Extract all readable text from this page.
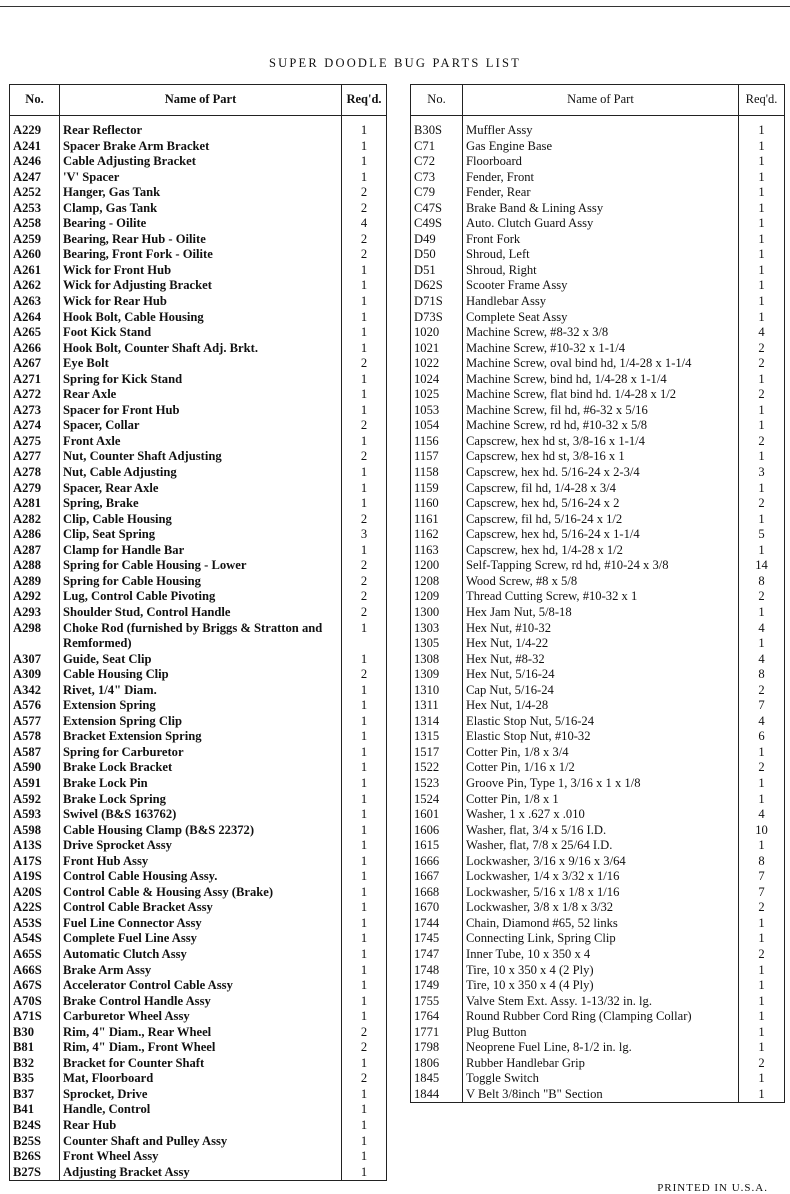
SUPER DOODLE BUG PARTS LIST
No.	Name of Part	Req'd.

A229	Rear Reflector	1
A241	Spacer Brake Arm Bracket	1
A246	Cable Adjusting Bracket	1
A247	'V' Spacer	1
A252	Hanger, Gas Tank	2
A253	Clamp, Gas Tank	2
A258	Bearing - Oilite	4
A259	Bearing, Rear Hub - Oilite	2
A260	Bearing, Front Fork - Oilite	2
A261	Wick for Front Hub	1
A262	Wick for Adjusting Bracket	1
A263	Wick for Rear Hub	1
A264	Hook Bolt, Cable Housing	1
A265	Foot Kick Stand	1
A266	Hook Bolt, Counter Shaft Adj. Brkt.	1
A267	Eye Bolt	2
A271	Spring for Kick Stand	1
A272	Rear Axle	1
A273	Spacer for Front Hub	1
A274	Spacer, Collar	2
A275	Front Axle	1
A277	Nut, Counter Shaft Adjusting	2
A278	Nut, Cable Adjusting	1
A279	Spacer, Rear Axle	1
A281	Spring, Brake	1
A282	Clip, Cable Housing	2
A286	Clip, Seat Spring	3
A287	Clamp for Handle Bar	1
A288	Spring for Cable Housing - Lower	2
A289	Spring for Cable Housing	2
A292	Lug, Control Cable Pivoting	2
A293	Shoulder Stud, Control Handle	2
A298	Choke Rod (furnished by Briggs & Stratton and Remformed)	1
A307	Guide, Seat Clip	1
A309	Cable Housing Clip	2
A342	Rivet, 1/4" Diam.	1
A576	Extension Spring	1
A577	Extension Spring Clip	1
A578	Bracket Extension Spring	1
A587	Spring for Carburetor	1
A590	Brake Lock Bracket	1
A591	Brake Lock Pin	1
A592	Brake Lock Spring	1
A593	Swivel (B&S 163762)	1
A598	Cable Housing Clamp (B&S 22372)	1
A13S	Drive Sprocket Assy	1
A17S	Front Hub Assy	1
A19S	Control Cable Housing Assy.	1
A20S	Control Cable & Housing Assy (Brake)	1
A22S	Control Cable Bracket Assy	1
A53S	Fuel Line Connector Assy	1
A54S	Complete Fuel Line Assy	1
A65S	Automatic Clutch Assy	1
A66S	Brake Arm Assy	1
A67S	Accelerator Control Cable Assy	1
A70S	Brake Control Handle Assy	1
A71S	Carburetor Wheel Assy	1
B30	Rim, 4" Diam., Rear Wheel	2
B81	Rim, 4" Diam., Front Wheel	2
B32	Bracket for Counter Shaft	1
B35	Mat, Floorboard	2
B37	Sprocket, Drive	1
B41	Handle, Control	1
B24S	Rear Hub	1
B25S	Counter Shaft and Pulley Assy	1
B26S	Front Wheel Assy	1
B27S	Adjusting Bracket Assy	1
No.	Name of Part	Req'd.

B30S	Muffler Assy	1
C71	Gas Engine Base	1
C72	Floorboard	1
C73	Fender, Front	1
C79	Fender, Rear	1
C47S	Brake Band & Lining Assy	1
C49S	Auto. Clutch Guard Assy	1
D49	Front Fork	1
D50	Shroud, Left	1
D51	Shroud, Right	1
D62S	Scooter Frame Assy	1
D71S	Handlebar Assy	1
D73S	Complete Seat Assy	1
1020	Machine Screw, #8-32 x 3/8	4
1021	Machine Screw, #10-32 x 1-1/4	2
1022	Machine Screw, oval bind hd, 1/4-28 x 1-1/4	2
1024	Machine Screw, bind hd, 1/4-28 x 1-1/4	1
1025	Machine Screw, flat bind hd. 1/4-28 x 1/2	2
1053	Machine Screw, fil hd, #6-32 x 5/16	1
1054	Machine Screw, rd hd, #10-32 x 5/8	1
1156	Capscrew, hex hd st, 3/8-16 x 1-1/4	2
1157	Capscrew, hex hd st, 3/8-16 x 1	1
1158	Capscrew, hex hd. 5/16-24 x 2-3/4	3
1159	Capscrew, fil hd, 1/4-28 x 3/4	1
1160	Capscrew, hex hd, 5/16-24 x 2	2
1161	Capscrew, fil hd, 5/16-24 x 1/2	1
1162	Capscrew, hex hd, 5/16-24 x 1-1/4	5
1163	Capscrew, hex hd, 1/4-28 x 1/2	1
1200	Self-Tapping Screw, rd hd, #10-24 x 3/8	14
1208	Wood Screw, #8 x 5/8	8
1209	Thread Cutting Screw, #10-32 x 1	2
1300	Hex Jam Nut, 5/8-18	1
1303	Hex Nut, #10-32	4
1305	Hex Nut, 1/4-22	1
1308	Hex Nut, #8-32	4
1309	Hex Nut, 5/16-24	8
1310	Cap Nut, 5/16-24	2
1311	Hex Nut, 1/4-28	7
1314	Elastic Stop Nut, 5/16-24	4
1315	Elastic Stop Nut, #10-32	6
1517	Cotter Pin, 1/8 x 3/4	1
1522	Cotter Pin, 1/16 x 1/2	2
1523	Groove Pin, Type 1, 3/16 x 1 x 1/8	1
1524	Cotter Pin, 1/8 x 1	1
1601	Washer, 1 x .627 x .010	4
1606	Washer, flat, 3/4 x 5/16 I.D.	10
1615	Washer, flat, 7/8 x 25/64 I.D.	1
1666	Lockwasher, 3/16 x 9/16 x 3/64	8
1667	Lockwasher, 1/4 x 3/32 x 1/16	7
1668	Lockwasher, 5/16 x 1/8 x 1/16	7
1670	Lockwasher, 3/8 x 1/8 x 3/32	2
1744	Chain, Diamond #65, 52 links	1
1745	Connecting Link, Spring Clip	1
1747	Inner Tube, 10 x 350 x 4	2
1748	Tire, 10 x 350 x 4 (2 Ply)	1
1749	Tire, 10 x 350 x 4 (4 Ply)	1
1755	Valve Stem Ext. Assy. 1-13/32 in. lg.	1
1764	Round Rubber Cord Ring (Clamping Collar)	1
1771	Plug Button	1
1798	Neoprene Fuel Line, 8-1/2 in. lg.	1
1806	Rubber Handlebar Grip	2
1845	Toggle Switch	1
1844	V Belt 3/8inch "B" Section	1
PRINTED IN U.S.A.
